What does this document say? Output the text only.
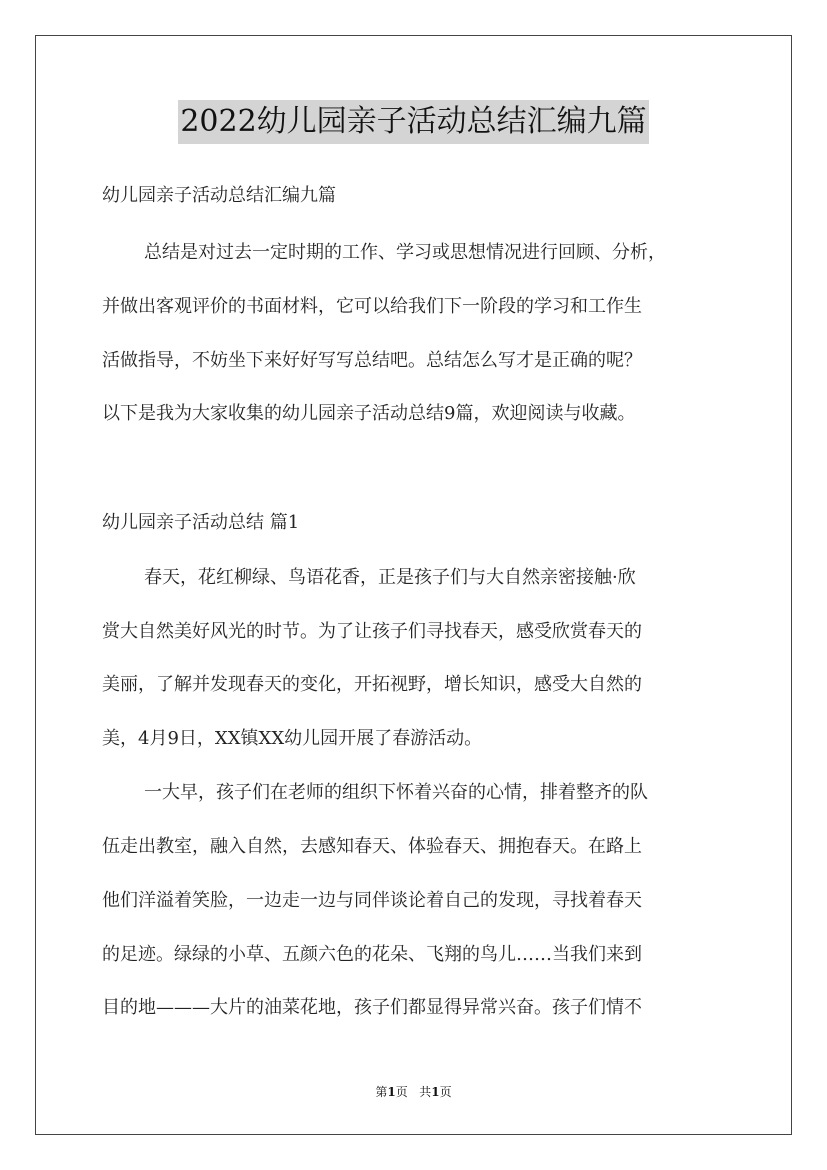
2022幼儿园亲子活动总结汇编九篇
幼儿园亲子活动总结汇编九篇
总结是对过去一定时期的工作、学习或思想情况进行回顾、分析，
并做出客观评价的书面材料，它可以给我们下一阶段的学习和工作生
活做指导，不妨坐下来好好写写总结吧。总结怎么写才是正确的呢？
以下是我为大家收集的幼儿园亲子活动总结9篇，欢迎阅读与收藏。
幼儿园亲子活动总结 篇1
春天，花红柳绿、鸟语花香，正是孩子们与大自然亲密接触·欣
赏大自然美好风光的时节。为了让孩子们寻找春天，感受欣赏春天的
美丽，了解并发现春天的变化，开拓视野，增长知识，感受大自然的
美，4月9日，XX镇XX幼儿园开展了春游活动。
一大早，孩子们在老师的组织下怀着兴奋的心情，排着整齐的队
伍走出教室，融入自然，去感知春天、体验春天、拥抱春天。在路上
他们洋溢着笑脸，一边走一边与同伴谈论着自己的发现，寻找着春天
的足迹。绿绿的小草、五颜六色的花朵、飞翔的鸟儿……当我们来到
目的地———大片的油菜花地，孩子们都显得异常兴奋。孩子们情不
第1页 共1页
